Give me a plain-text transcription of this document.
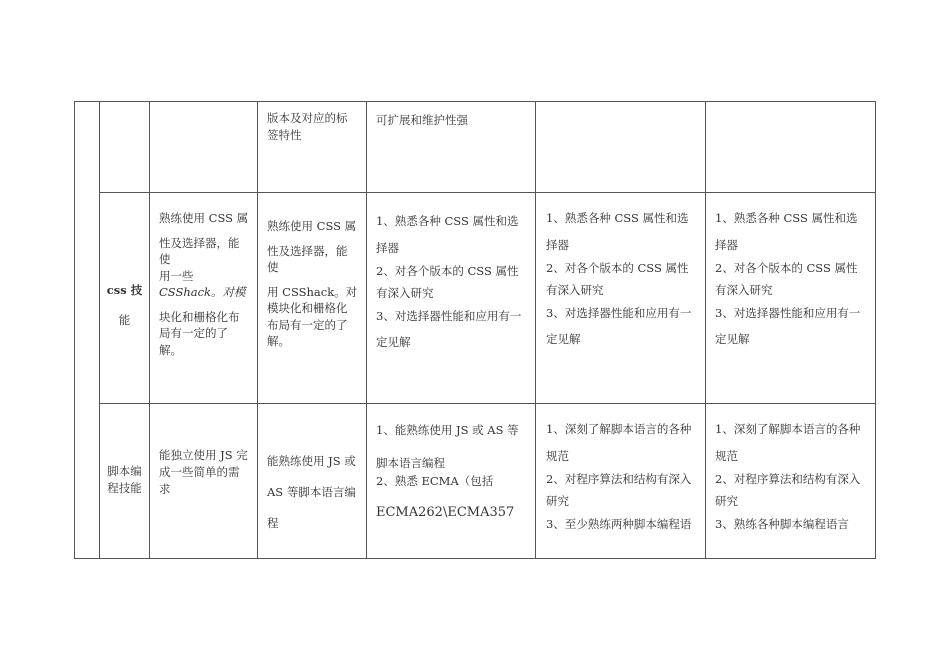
版本及对应的标

签特性

可扩展和维护性强

css 技

能

熟练使用 CSS 属

性及选择器，能

使

用一些

CSShack。对模

块化和栅格化布

局有一定的了

解。

熟练使用 CSS 属

性及选择器，能

使

用 CSShack。对

模块化和栅格化

布局有一定的了

解。

1、熟悉各种 CSS 属性和选

择器

2、对各个版本的 CSS 属性

有深入研究

3、对选择器性能和应用有一

定见解

1、熟悉各种 CSS 属性和选

择器

2、对各个版本的 CSS 属性

有深入研究

3、对选择器性能和应用有一

定见解

1、熟悉各种 CSS 属性和选

择器

2、对各个版本的 CSS 属性

有深入研究

3、对选择器性能和应用有一

定见解

脚本编

程技能

能独立使用 JS 完

成一些简单的需

求

能熟练使用 JS 或

AS 等脚本语言编

程

1、能熟练使用 JS 或 AS 等

脚本语言编程

2、熟悉 ECMA（包括

ECMA262\ECMA357

1、深刻了解脚本语言的各种

规范

2、对程序算法和结构有深入

研究

3、至少熟练两种脚本编程语

1、深刻了解脚本语言的各种

规范

2、对程序算法和结构有深入

研究

3、熟练各种脚本编程语言
